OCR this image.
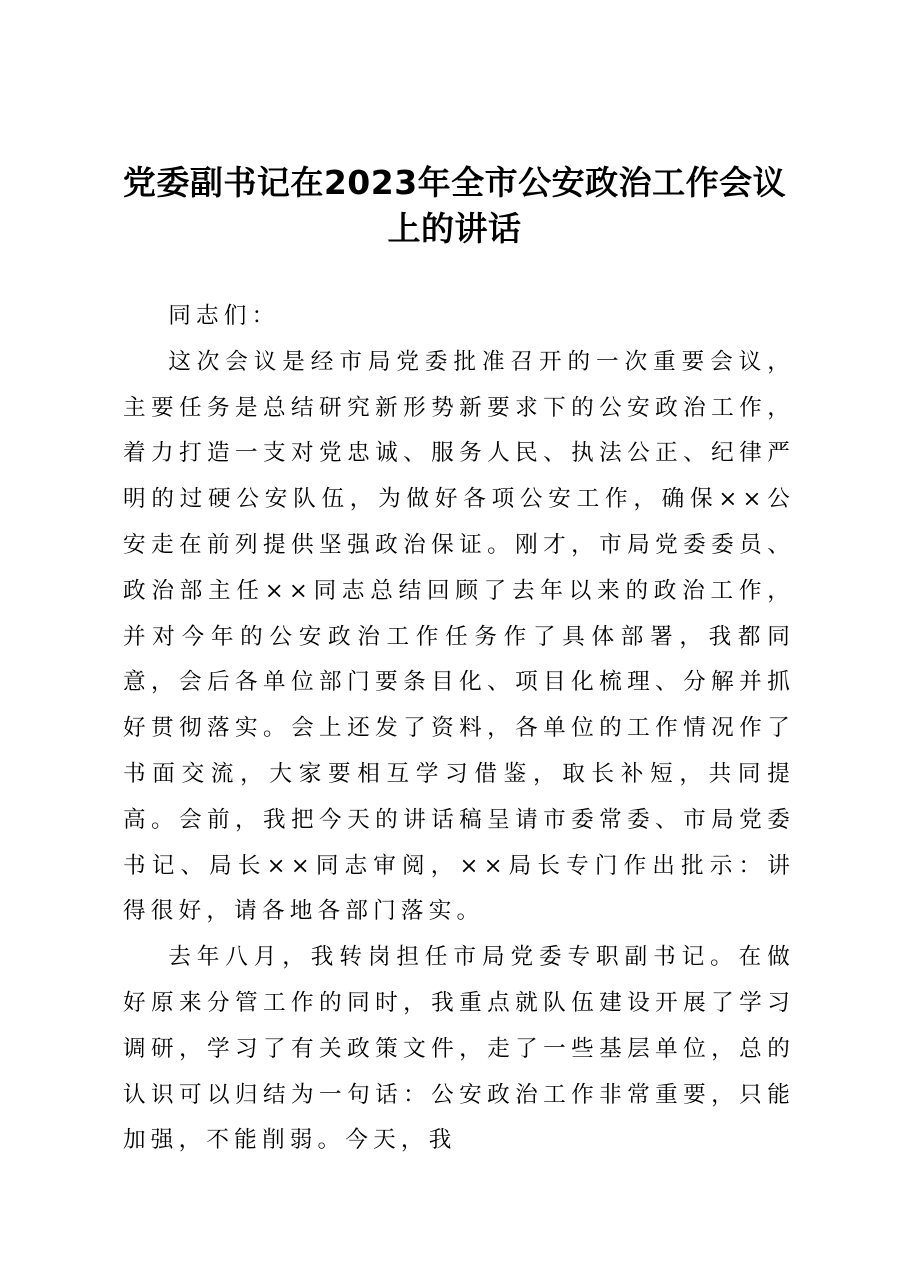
党委副书记在2023年全市公安政治工作会议
上的讲话

同志们：

这次会议是经市局党委批准召开的一次重要会议，主要任务是总结研究新形势新要求下的公安政治工作，着力打造一支对党忠诚、服务人民、执法公正、纪律严明的过硬公安队伍，为做好各项公安工作，确保××公安走在前列提供坚强政治保证。刚才，市局党委委员、政治部主任××同志总结回顾了去年以来的政治工作，并对今年的公安政治工作任务作了具体部署，我都同意，会后各单位部门要条目化、项目化梳理、分解并抓好贯彻落实。会上还发了资料，各单位的工作情况作了书面交流，大家要相互学习借鉴，取长补短，共同提高。会前，我把今天的讲话稿呈请市委常委、市局党委书记、局长××同志审阅，××局长专门作出批示：讲得很好，请各地各部门落实。

去年八月，我转岗担任市局党委专职副书记。在做好原来分管工作的同时，我重点就队伍建设开展了学习调研，学习了有关政策文件，走了一些基层单位，总的认识可以归结为一句话：公安政治工作非常重要，只能加强，不能削弱。今天，我
